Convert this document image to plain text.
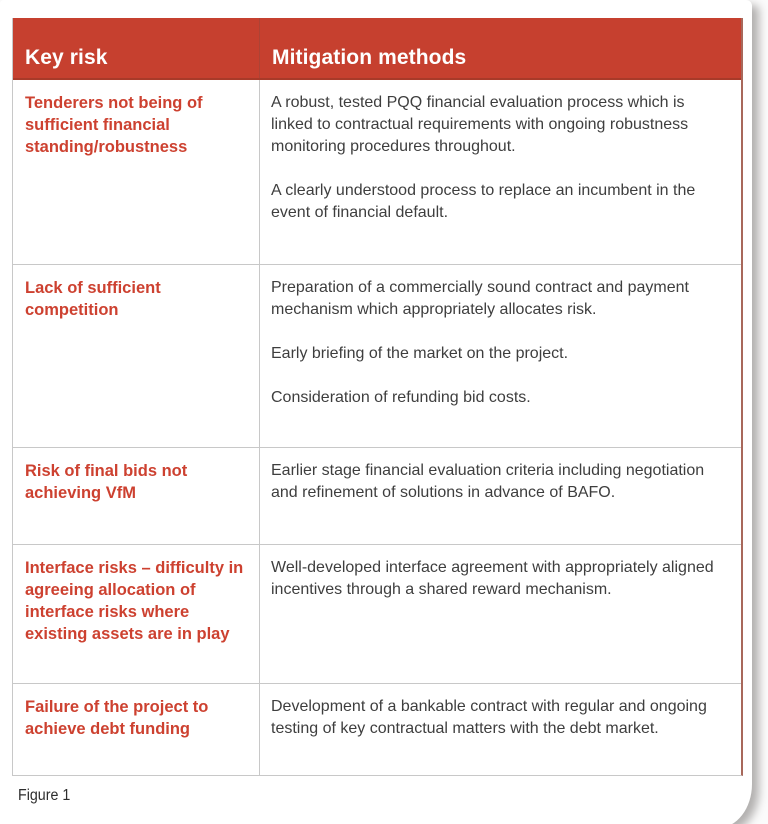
Key risk	Mitigation methods
Tenderers not being of sufficient financial standing/robustness

A robust, tested PQQ financial evaluation process which is linked to contractual requirements with ongoing robustness monitoring procedures throughout.

A clearly understood process to replace an incumbent in the event of financial default.

Lack of sufficient competition

Preparation of a commercially sound contract and payment mechanism which appropriately allocates risk.

Early briefing of the market on the project.

Consideration of refunding bid costs.

Risk of final bids not achieving VfM

Earlier stage financial evaluation criteria including negotiation and refinement of solutions in advance of BAFO.

Interface risks – difficulty in agreeing allocation of interface risks where existing assets are in play

Well-developed interface agreement with appropriately aligned incentives through a shared reward mechanism.

Failure of the project to achieve debt funding

Development of a bankable contract with regular and ongoing testing of key contractual matters with the debt market.

Figure 1
